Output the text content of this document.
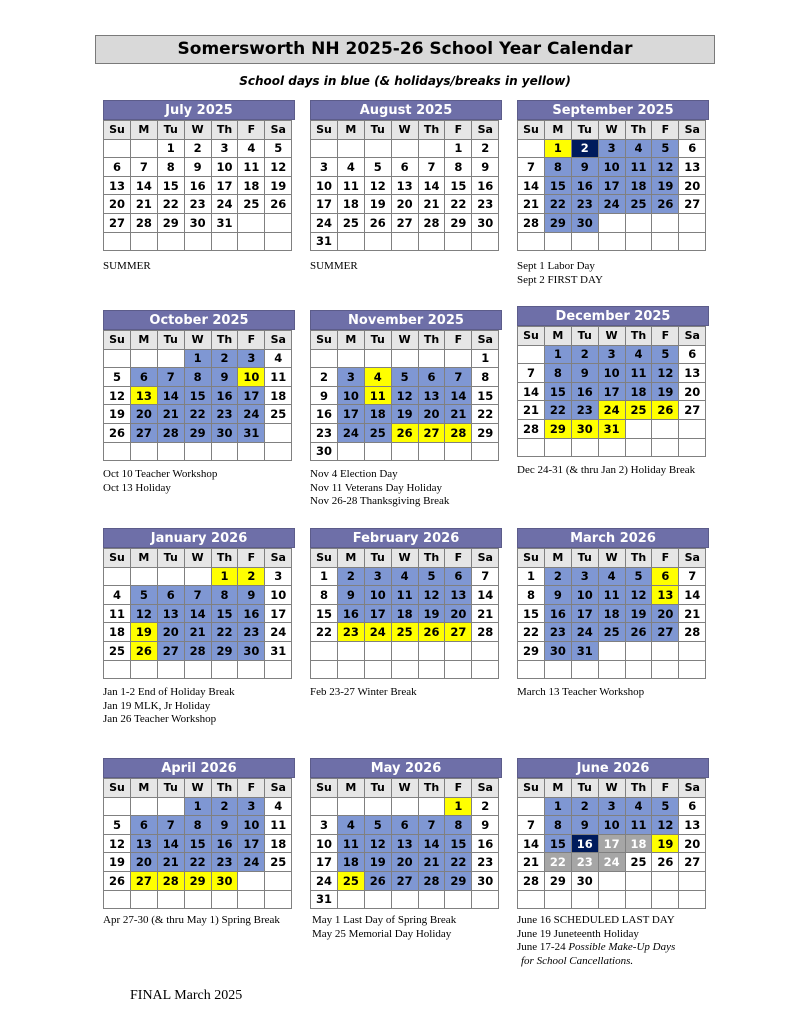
Somersworth NH 2025-26 School Year Calendar
School days in blue (& holidays/breaks in yellow)
July 2025
Su	M	Tu	W	Th	F	Sa
		1	2	3	4	5
6	7	8	9	10	11	12
13	14	15	16	17	18	19
20	21	22	23	24	25	26
27	28	29	30	31		

SUMMER
August 2025
Su	M	Tu	W	Th	F	Sa
					1	2
3	4	5	6	7	8	9
10	11	12	13	14	15	16
17	18	19	20	21	22	23
24	25	26	27	28	29	30
31						
SUMMER
September 2025
Su	M	Tu	W	Th	F	Sa
	1	2	3	4	5	6
7	8	9	10	11	12	13
14	15	16	17	18	19	20
21	22	23	24	25	26	27
28	29	30				

Sept 1 Labor Day
Sept 2 FIRST DAY
October 2025
Su	M	Tu	W	Th	F	Sa
			1	2	3	4
5	6	7	8	9	10	11
12	13	14	15	16	17	18
19	20	21	22	23	24	25
26	27	28	29	30	31	

Oct 10 Teacher Workshop
Oct 13 Holiday
November 2025
Su	M	Tu	W	Th	F	Sa
						1
2	3	4	5	6	7	8
9	10	11	12	13	14	15
16	17	18	19	20	21	22
23	24	25	26	27	28	29
30						
Nov 4 Election Day
Nov 11 Veterans Day Holiday
Nov 26-28 Thanksgiving Break
December 2025
Su	M	Tu	W	Th	F	Sa
	1	2	3	4	5	6
7	8	9	10	11	12	13
14	15	16	17	18	19	20
21	22	23	24	25	26	27
28	29	30	31			

Dec 24-31 (& thru Jan 2) Holiday Break
January 2026
Su	M	Tu	W	Th	F	Sa
				1	2	3
4	5	6	7	8	9	10
11	12	13	14	15	16	17
18	19	20	21	22	23	24
25	26	27	28	29	30	31

Jan 1-2 End of Holiday Break
Jan 19 MLK, Jr Holiday
Jan 26 Teacher Workshop
February 2026
Su	M	Tu	W	Th	F	Sa
1	2	3	4	5	6	7
8	9	10	11	12	13	14
15	16	17	18	19	20	21
22	23	24	25	26	27	28

Feb 23-27 Winter Break
March 2026
Su	M	Tu	W	Th	F	Sa
1	2	3	4	5	6	7
8	9	10	11	12	13	14
15	16	17	18	19	20	21
22	23	24	25	26	27	28
29	30	31				

March 13 Teacher Workshop
April 2026
Su	M	Tu	W	Th	F	Sa
			1	2	3	4
5	6	7	8	9	10	11
12	13	14	15	16	17	18
19	20	21	22	23	24	25
26	27	28	29	30		

Apr 27-30 (& thru May 1) Spring Break
May 2026
Su	M	Tu	W	Th	F	Sa
					1	2
3	4	5	6	7	8	9
10	11	12	13	14	15	16
17	18	19	20	21	22	23
24	25	26	27	28	29	30
31						
May 1 Last Day of Spring Break
May 25 Memorial Day Holiday
June 2026
Su	M	Tu	W	Th	F	Sa
	1	2	3	4	5	6
7	8	9	10	11	12	13
14	15	16	17	18	19	20
21	22	23	24	25	26	27
28	29	30				

June 16 SCHEDULED LAST DAY
June 19 Juneteenth Holiday
June 17-24 Possible Make-Up Days
for School Cancellations.
FINAL March 2025
